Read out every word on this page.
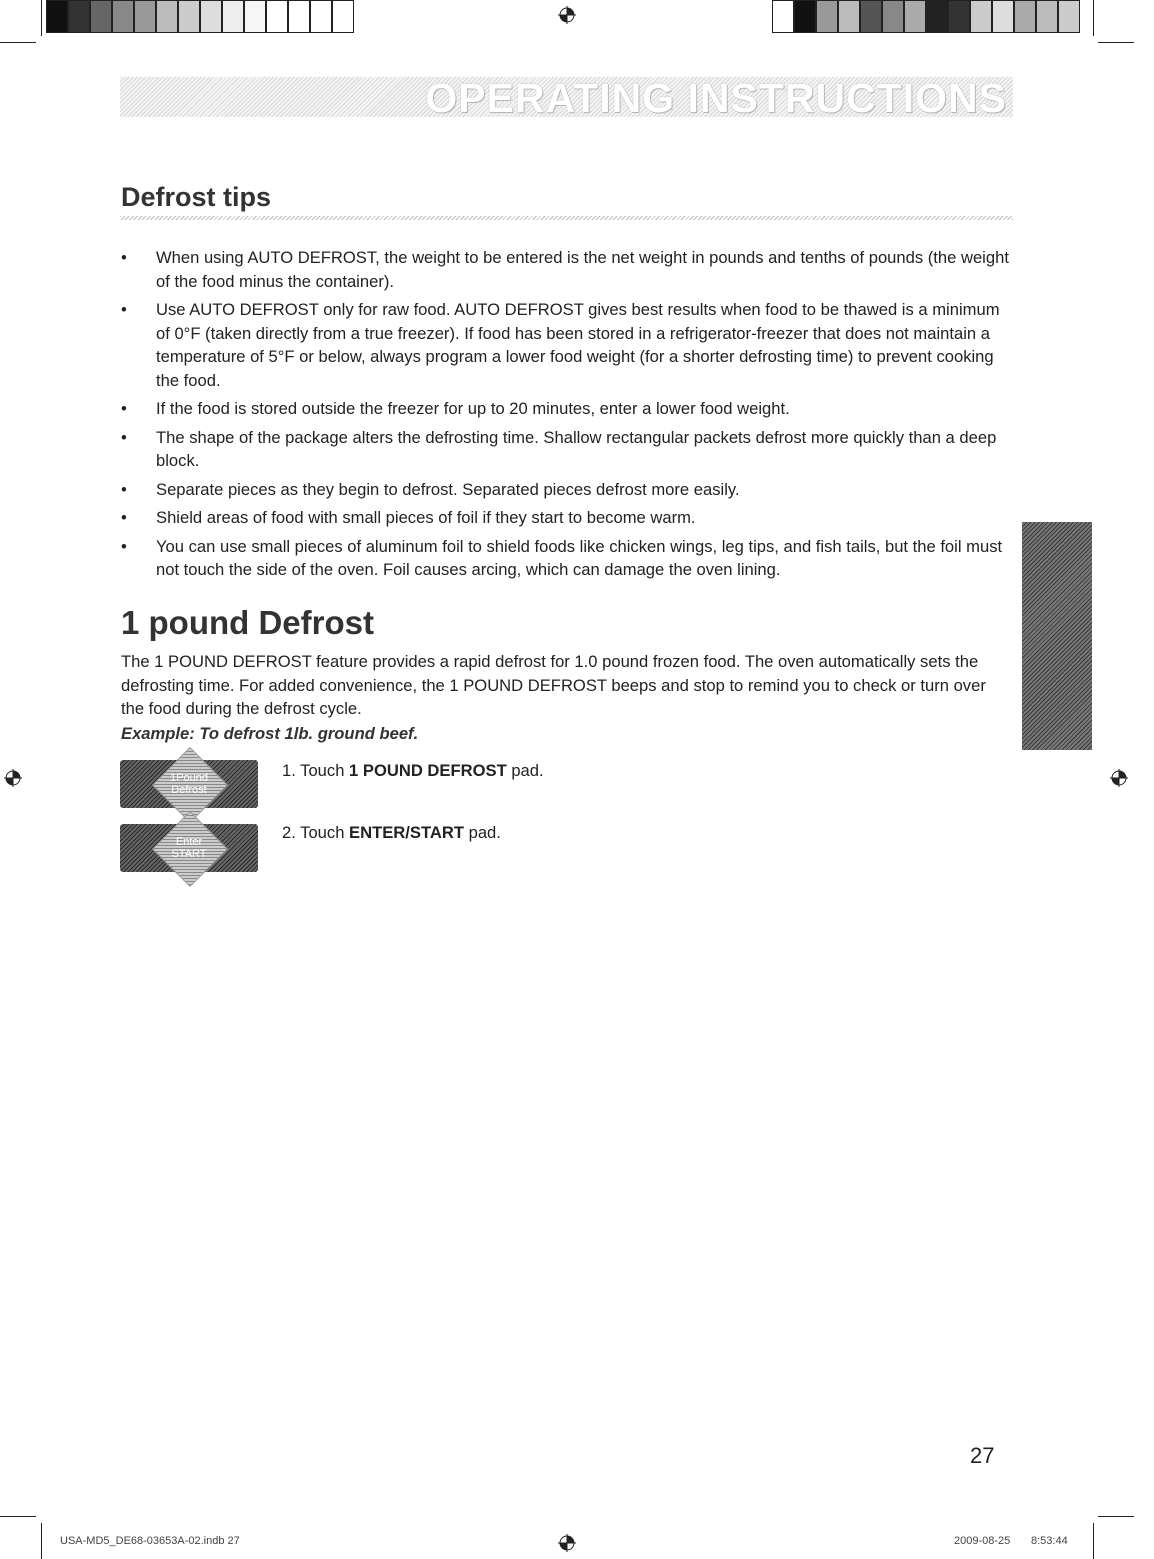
OPERATING INSTRUCTIONS
Defrost tips
• When using AUTO DEFROST, the weight to be entered is the net weight in pounds and tenths of pounds (the weight of the food minus the container).
• Use AUTO DEFROST only for raw food. AUTO DEFROST gives best results when food to be thawed is a minimum of 0°F (taken directly from a true freezer). If food has been stored in a refrigerator-freezer that does not maintain a temperature of 5°F or below, always program a lower food weight (for a shorter defrosting time) to prevent cooking the food.
• If the food is stored outside the freezer for up to 20 minutes, enter a lower food weight.
• The shape of the package alters the defrosting time. Shallow rectangular packets defrost more quickly than a deep block.
• Separate pieces as they begin to defrost. Separated pieces defrost more easily.
• Shield areas of food with small pieces of foil if they start to become warm.
• You can use small pieces of aluminum foil to shield foods like chicken wings, leg tips, and fish tails, but the foil must not touch the side of the oven. Foil causes arcing, which can damage the oven lining.
1 pound Defrost

The 1 POUND DEFROST feature provides a rapid defrost for 1.0 pound frozen food. The oven automatically sets the defrosting time. For added convenience, the 1 POUND DEFROST beeps and stop to remind you to check or turn over the food during the defrost cycle.

Example: To defrost 1lb. ground beef.
1Pound
Defrost
1. Touch 1 POUND DEFROST pad.
Enter
START
2. Touch ENTER/START pad.
ENGLISH
27
USA-MD5_DE68-03653A-02.indb 27	2009-08-25 8:53:44
